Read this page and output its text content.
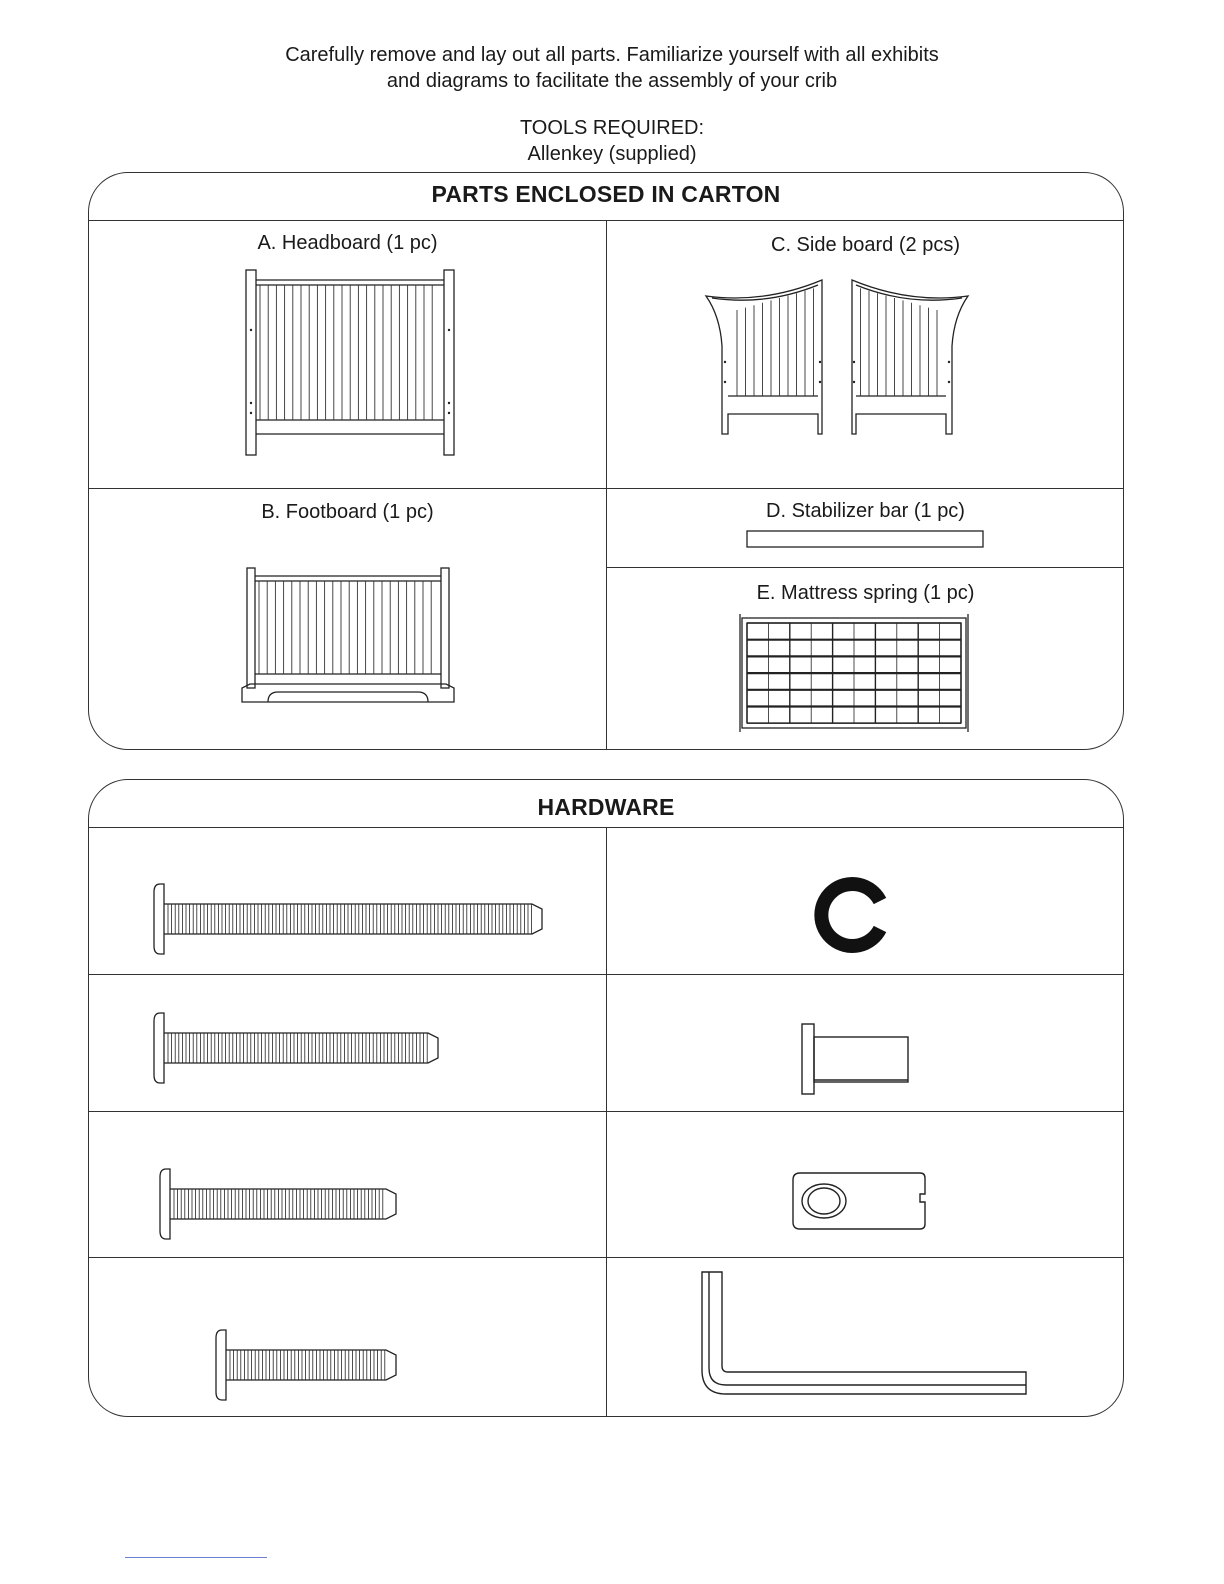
Carefully remove and lay out all parts. Familiarize yourself with all exhibits
and diagrams to facilitate the assembly of your crib
TOOLS REQUIRED:
Allenkey (supplied)
PARTS ENCLOSED IN CARTON
A. Headboard (1 pc)	C. Side board (2 pcs)
B. Footboard (1 pc)	D. Stabilizer bar (1 pc)
E. Mattress spring (1 pc)
HARDWARE
